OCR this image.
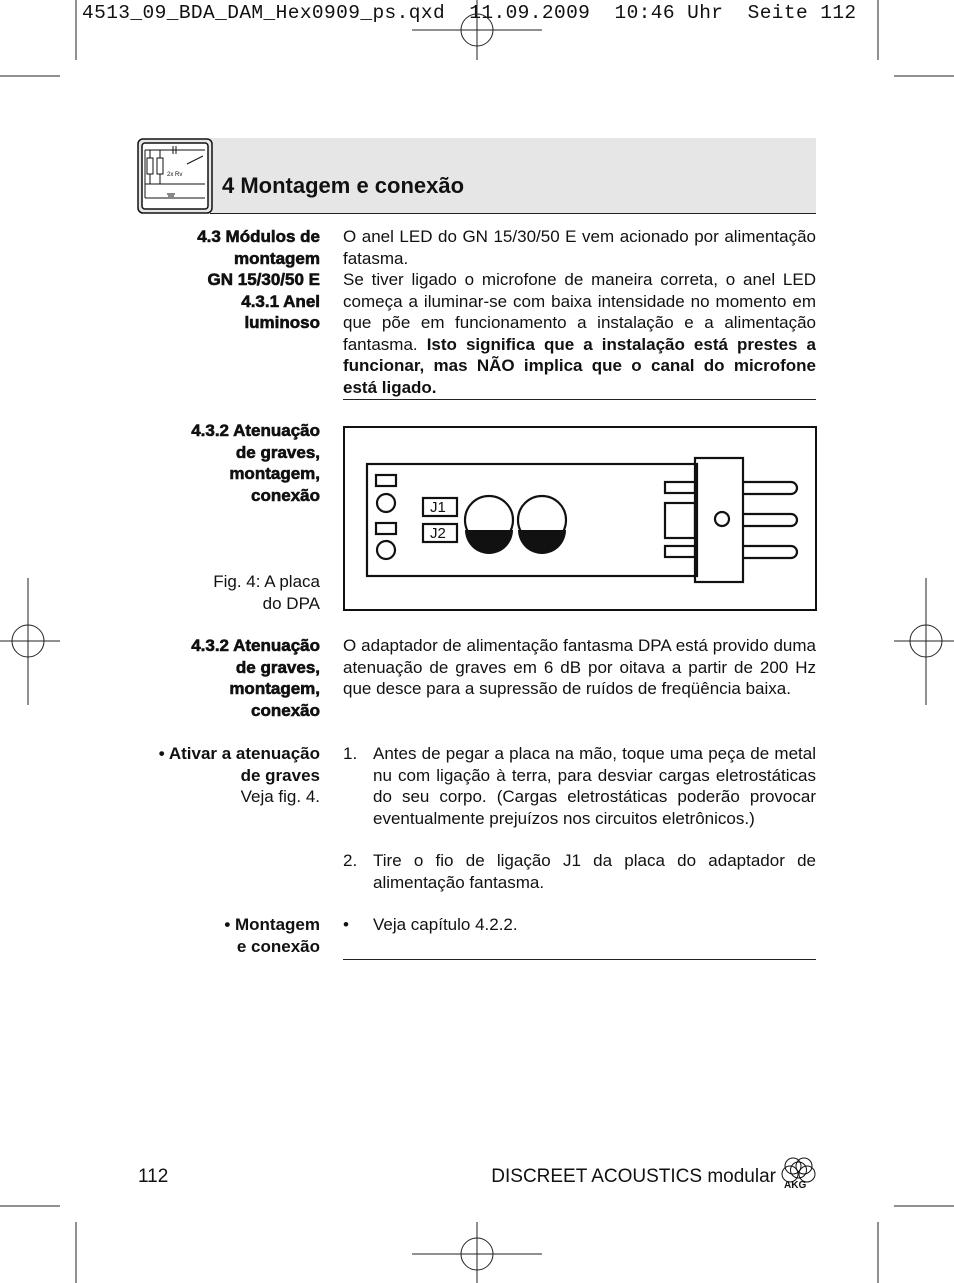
4513_09_BDA_DAM_Hex0909_ps.qxd  11.09.2009  10:46 Uhr  Seite 112
2x Rv 4 Montagem e conexão
4.3 Módulos de
montagem
GN 15/30/50 E
4.3.1 Anel
luminoso

O anel LED do GN 15/30/50 E vem acionado por alimentação fatasma.

Se tiver ligado o microfone de maneira correta, o anel LED começa a iluminar-se com baixa intensidade no momento em que põe em funcionamento a instalação e a alimentação fantasma. Isto significa que a instalação está prestes a funcionar, mas NÃO implica que o canal do microfone está ligado.

4.3.2 Atenuação
de graves,
montagem,
conexão
Fig. 4: A placa
do DPA
J1
J2
4.3.2 Atenuação
de graves,
montagem,
conexão

O adaptador de alimentação fantasma DPA está provido duma atenuação de graves em 6 dB por oitava a partir de 200 Hz que desce para a supressão de ruídos de freqüência baixa.

• Ativar a atenuação
de graves
Veja fig. 4.
1. Antes de pegar a placa na mão, toque uma peça de metal nu com ligação à terra, para desviar cargas eletrostáticas do seu corpo. (Cargas eletrostáticas poderão provocar eventualmente prejuízos nos circuitos eletrônicos.)
2. Tire o fio de ligação J1 da placa do adaptador de alimentação fantasma.
• Montagem
e conexão
• Veja capítulo 4.2.2.
112	DISCREET ACOUSTICS modular AKG
